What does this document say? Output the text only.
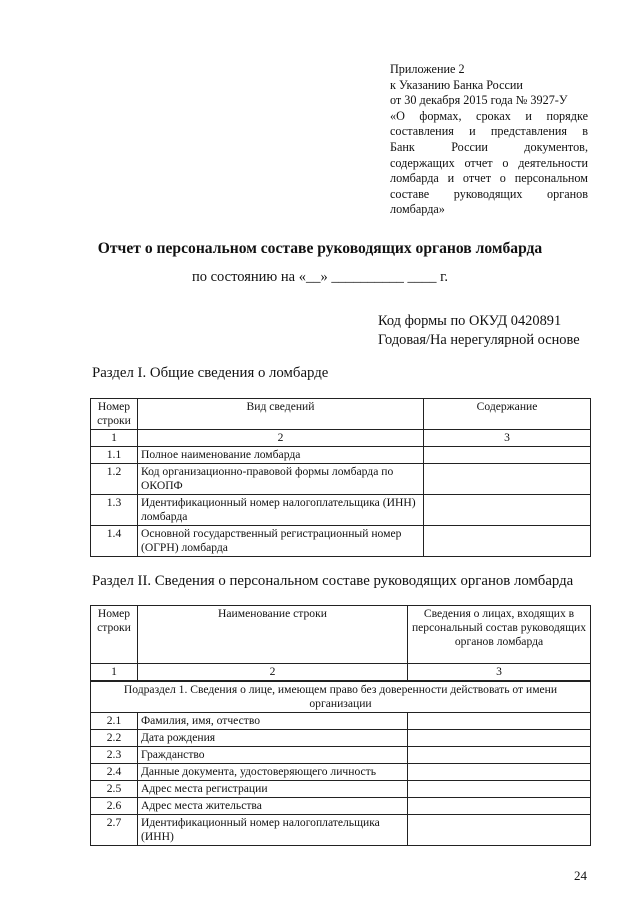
Приложение 2
к Указанию Банка России
от 30 декабря 2015 года № 3927-У
«О формах, сроках и порядке
составления и представления в
Банк России документов,
содержащих отчет о деятельности
ломбарда и отчет о персональном
составе руководящих органов
ломбарда»
Отчет о персональном составе руководящих органов ломбарда
по состоянию на «__» __________ ____ г.
Код формы по ОКУД 0420891
Годовая/На нерегулярной основе
Раздел I. Общие сведения о ломбарде
Номер строки	Вид сведений	Содержание
1	2	3
1.1	Полное наименование ломбарда	
1.2	Код организационно-правовой формы ломбарда по ОКОПФ	
1.3	Идентификационный номер налогоплательщика (ИНН) ломбарда	
1.4	Основной государственный регистрационный номер (ОГРН) ломбарда	
Раздел II. Сведения о персональном составе руководящих органов ломбарда
Номер строки	Наименование строки	Сведения о лицах, входящих в персональный состав руководящих органов ломбарда
1	2	3
Подраздел 1. Сведения о лице, имеющем право без доверенности действовать от имени организации		
2.1	Фамилия, имя, отчество	
2.2	Дата рождения	
2.3	Гражданство	
2.4	Данные документа, удостоверяющего личность	
2.5	Адрес места регистрации	
2.6	Адрес места жительства	
2.7	Идентификационный номер налогоплательщика (ИНН)	
24
